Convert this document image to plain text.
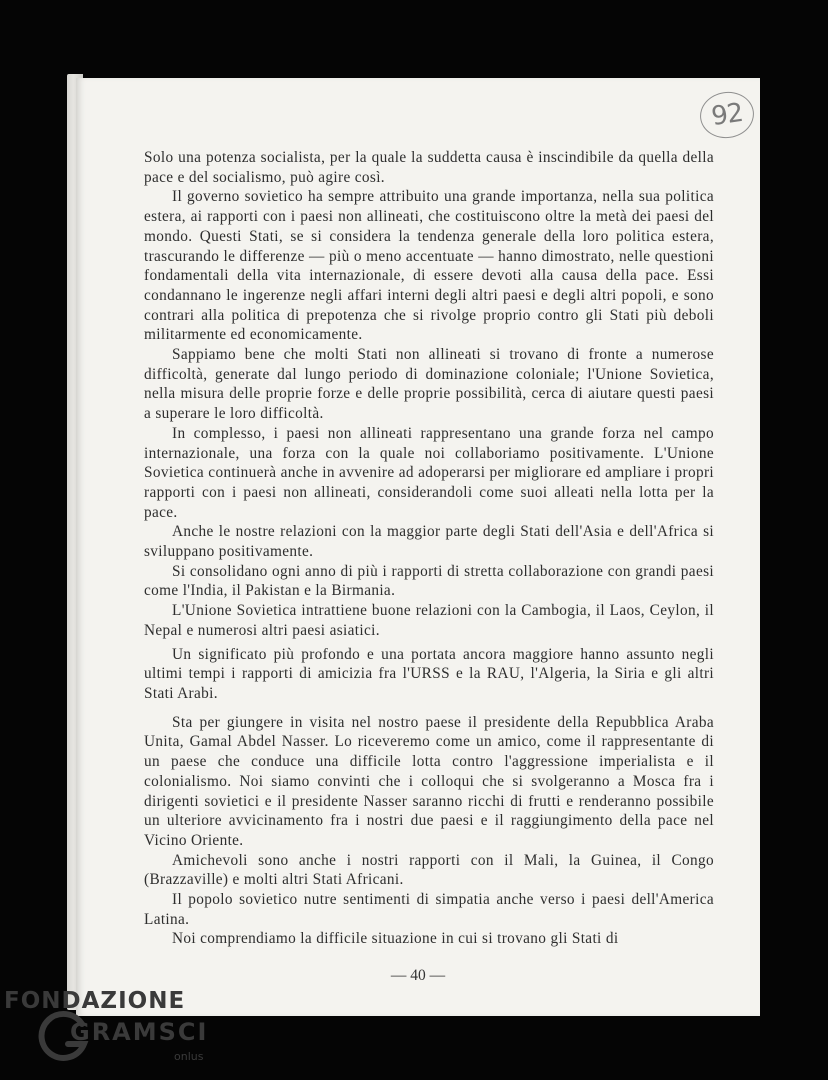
92

Solo una potenza socialista, per la quale la suddetta causa è inscindibile da quella della pace e del socialismo, può agire così.

Il governo sovietico ha sempre attribuito una grande importanza, nella sua politica estera, ai rapporti con i paesi non allineati, che costituiscono oltre la metà dei paesi del mondo. Questi Stati, se si considera la tendenza generale della loro politica estera, trascurando le differenze — più o meno accentuate — hanno dimostrato, nelle questioni fondamentali della vita internazionale, di essere devoti alla causa della pace. Essi condannano le ingerenze negli affari interni degli altri paesi e degli altri popoli, e sono contrari alla politica di prepotenza che si rivolge proprio contro gli Stati più deboli militarmente ed economicamente.

Sappiamo bene che molti Stati non allineati si trovano di fronte a numerose difficoltà, generate dal lungo periodo di dominazione coloniale; l'Unione Sovietica, nella misura delle proprie forze e delle proprie possibilità, cerca di aiutare questi paesi a superare le loro difficoltà.

In complesso, i paesi non allineati rappresentano una grande forza nel campo internazionale, una forza con la quale noi collaboriamo positivamente. L'Unione Sovietica continuerà anche in avvenire ad adoperarsi per migliorare ed ampliare i propri rapporti con i paesi non allineati, considerandoli come suoi alleati nella lotta per la pace.

Anche le nostre relazioni con la maggior parte degli Stati dell'Asia e dell'Africa si sviluppano positivamente.

Si consolidano ogni anno di più i rapporti di stretta collaborazione con grandi paesi come l'India, il Pakistan e la Birmania.

L'Unione Sovietica intrattiene buone relazioni con la Cambogia, il Laos, Ceylon, il Nepal e numerosi altri paesi asiatici.

Un significato più profondo e una portata ancora maggiore hanno assunto negli ultimi tempi i rapporti di amicizia fra l'URSS e la RAU, l'Algeria, la Siria e gli altri Stati Arabi.

Sta per giungere in visita nel nostro paese il presidente della Repubblica Araba Unita, Gamal Abdel Nasser. Lo riceveremo come un amico, come il rappresentante di un paese che conduce una difficile lotta contro l'aggressione imperialista e il colonialismo. Noi siamo convinti che i colloqui che si svolgeranno a Mosca fra i dirigenti sovietici e il presidente Nasser saranno ricchi di frutti e renderanno possibile un ulteriore avvicinamento fra i nostri due paesi e il raggiungimento della pace nel Vicino Oriente.

Amichevoli sono anche i nostri rapporti con il Mali, la Guinea, il Congo (Brazzaville) e molti altri Stati Africani.

Il popolo sovietico nutre sentimenti di simpatia anche verso i paesi dell'America Latina.

Noi comprendiamo la difficile situazione in cui si trovano gli Stati di

— 40 —
FONDAZIONE
GRAMSCI
onlus
